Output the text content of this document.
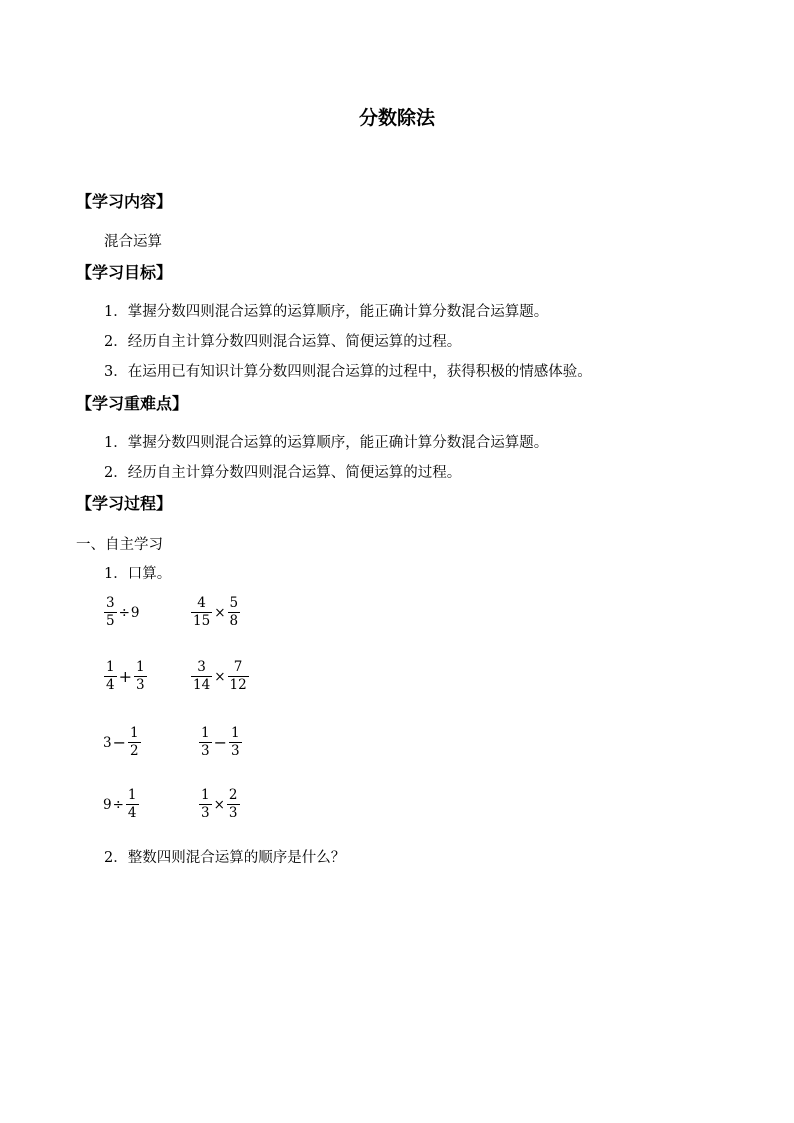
分数除法
【学习内容】
混合运算
【学习目标】
1．掌握分数四则混合运算的运算顺序，能正确计算分数混合运算题。
2．经历自主计算分数四则混合运算、简便运算的过程。
3．在运用已有知识计算分数四则混合运算的过程中，获得积极的情感体验。
【学习重难点】
1．掌握分数四则混合运算的运算顺序，能正确计算分数混合运算题。
2．经历自主计算分数四则混合运算、简便运算的过程。
【学习过程】
一、自主学习
1．口算。
$\frac{3}{5} \div 9$	$\frac{4}{15} \times \frac{5}{8}$
$\frac{1}{4} + \frac{1}{3}$	$\frac{3}{14} \times \frac{7}{12}$
$3 - \frac{1}{2}$	$\frac{1}{3} - \frac{1}{3}$
$9 \div \frac{1}{4}$	$\frac{1}{3} \times \frac{2}{3}$
2．整数四则混合运算的顺序是什么？
